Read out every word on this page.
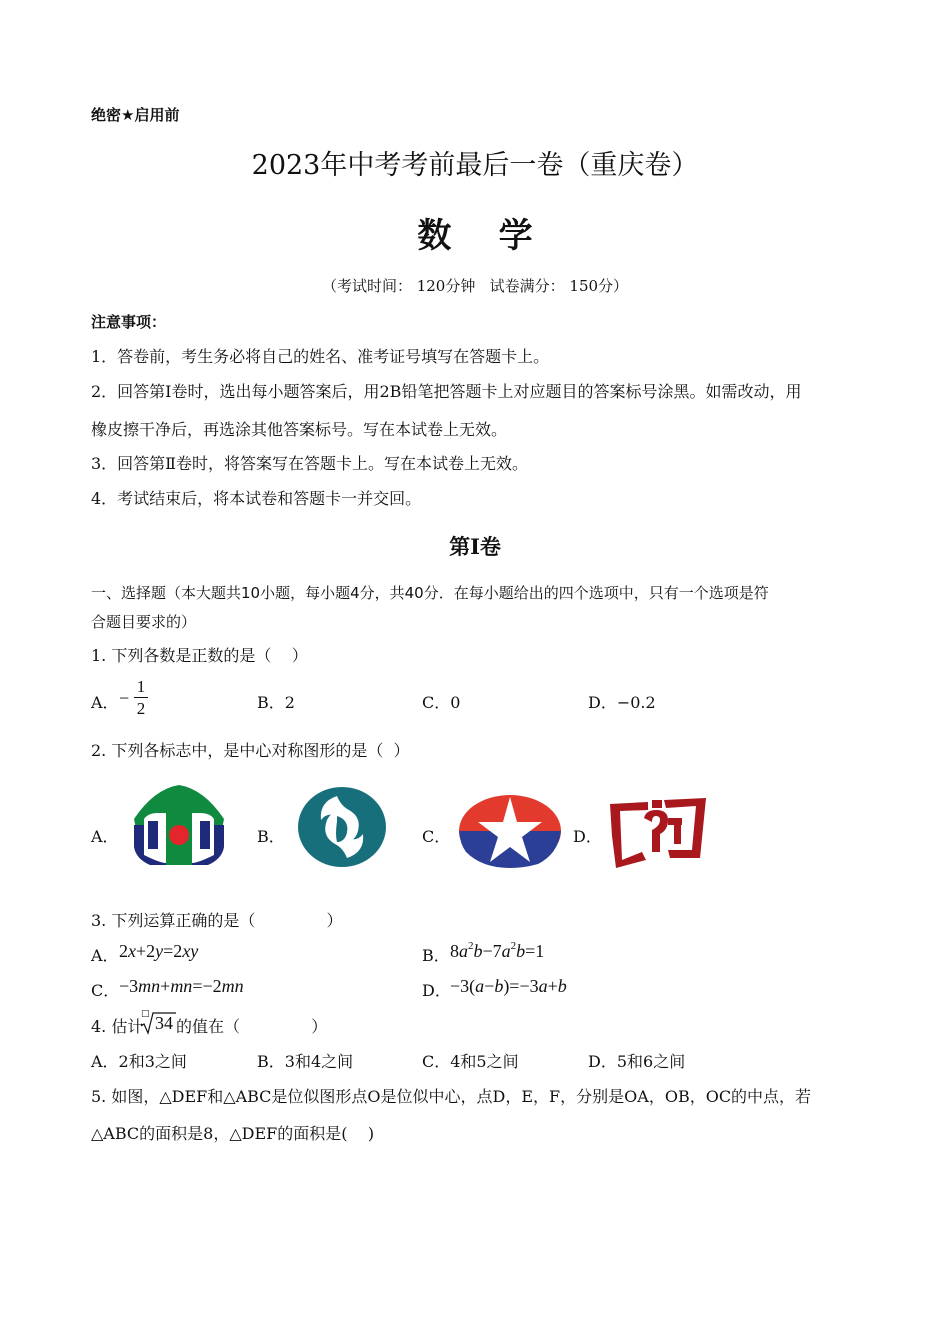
绝密★启用前
2023年中考考前最后一卷（重庆卷）
数    学
（考试时间： 120分钟   试卷满分： 150分）
注意事项：
1．答卷前，考生务必将自己的姓名、准考证号填写在答题卡上。
2．回答第Ⅰ卷时，选出每小题答案后，用2B铅笔把答题卡上对应题目的答案标号涂黑。如需改动，用
橡皮擦干净后，再选涂其他答案标号。写在本试卷上无效。
3．回答第Ⅱ卷时，将答案写在答题卡上。写在本试卷上无效。
4．考试结束后，将本试卷和答题卡一并交回。
第Ⅰ卷
一、选择题（本大题共10小题，每小题4分，共40分．在每小题给出的四个选项中，只有一个选项是符
合题目要求的）
1. 下列各数是正数的是（    ）
A． −
1
2	B．2	C．0	D．−0.2
2. 下列各标志中，是中心对称图形的是（  ）
A．	B．	C．	D．
3. 下列运算正确的是（              ）
A． 2x+2y=2xy	B． $8a^2b-7a^2b=1$
C． −3mn+mn=−2mn	D． −3(a−b)=−3a+b
4. 估计
□ 34 的值在（              ）
A．2和3之间	B．3和4之间	C．4和5之间	D．5和6之间
5. 如图，△DEF和△ABC是位似图形点O是位似中心，点D，E，F，分别是OA，OB，OC的中点，若
△ABC的面积是8，△DEF的面积是(    )
